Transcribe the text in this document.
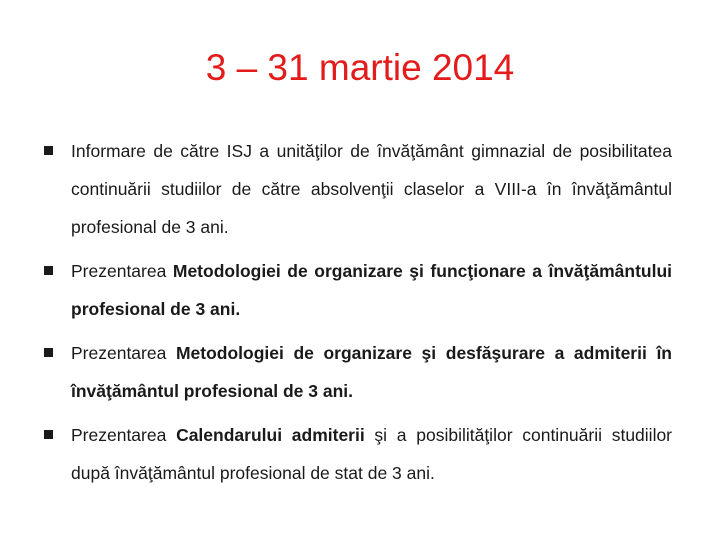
3 – 31 martie 2014
Informare de către ISJ a unităţilor de învăţământ gimnazial de posibilitatea continuării studiilor de către absolvenţii claselor a VIII-a în învăţământul profesional de 3 ani.
Prezentarea Metodologiei de organizare şi funcţionare a învăţământului profesional de 3 ani.
Prezentarea Metodologiei de organizare şi desfăşurare a admiterii în învăţământul profesional de 3 ani.
Prezentarea Calendarului admiterii şi a posibilităţilor continuării studiilor după învăţământul profesional de stat de 3 ani.
